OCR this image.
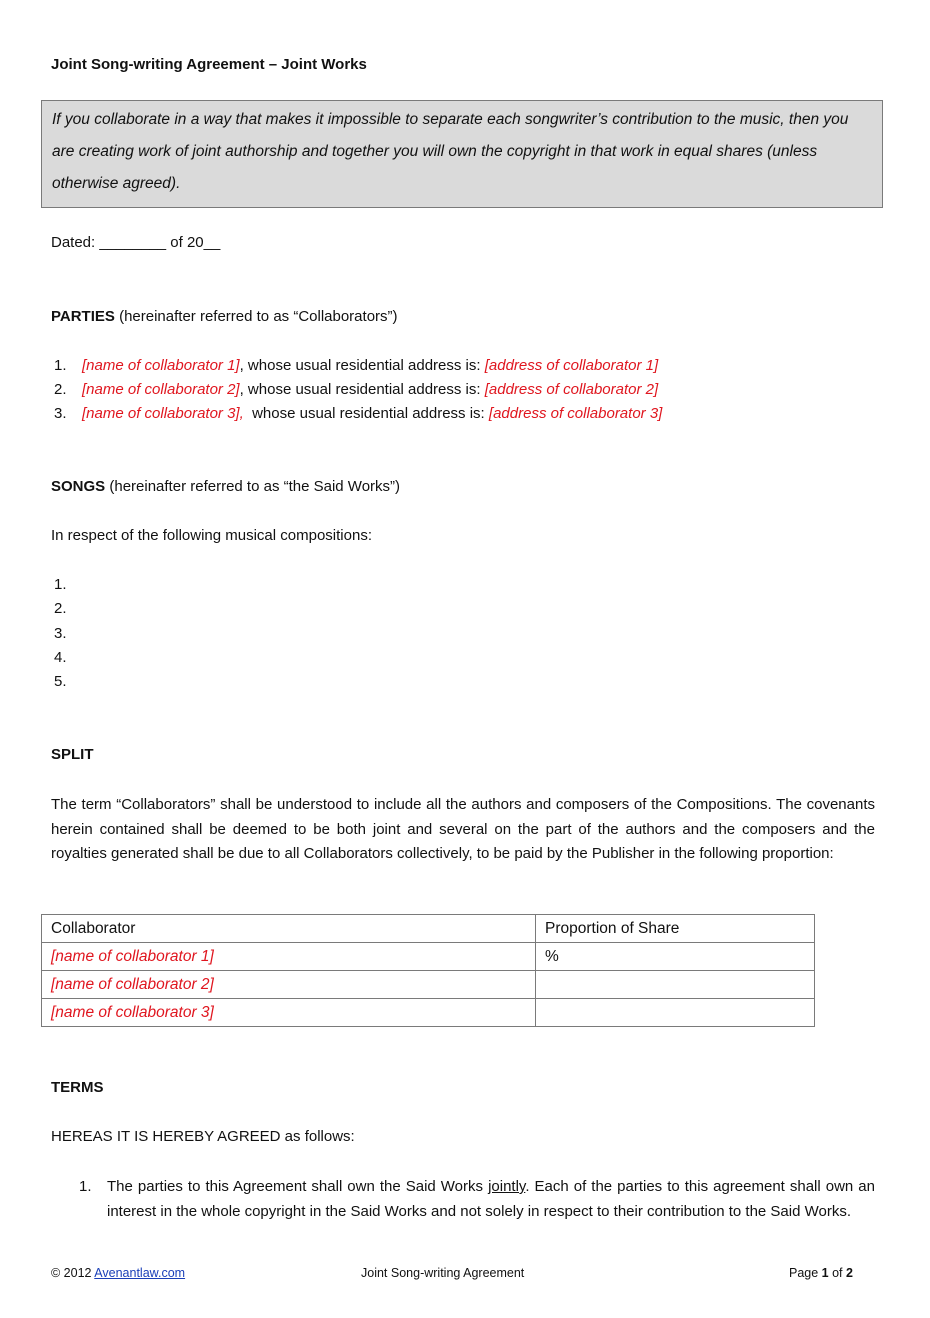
Joint Song-writing Agreement – Joint Works
If you collaborate in a way that makes it impossible to separate each songwriter’s contribution to the music, then you are creating work of joint authorship and together you will own the copyright in that work in equal shares (unless otherwise agreed).
Dated: ________ of 20__
PARTIES (hereinafter referred to as “Collaborators”)
1. [name of collaborator 1], whose usual residential address is: [address of collaborator 1]
2. [name of collaborator 2], whose usual residential address is: [address of collaborator 2]
3. [name of collaborator 3],  whose usual residential address is: [address of collaborator 3]
SONGS (hereinafter referred to as “the Said Works”)
In respect of the following musical compositions:
1.
2.
3.
4.
5.
SPLIT
The term “Collaborators” shall be understood to include all the authors and composers of the Compositions. The covenants herein contained shall be deemed to be both joint and several on the part of the authors and the composers and the royalties generated shall be due to all Collaborators collectively, to be paid by the Publisher in the following proportion:
Collaborator	Proportion of Share
[name of collaborator 1]	%
[name of collaborator 2]	
[name of collaborator 3]	
TERMS
HEREAS IT IS HEREBY AGREED as follows:
1. The parties to this Agreement shall own the Said Works jointly. Each of the parties to this agreement shall own an interest in the whole copyright in the Said Works and not solely in respect to their contribution to the Said Works.
© 2012 Avenantlaw.com	Joint Song-writing Agreement	Page 1 of 2
